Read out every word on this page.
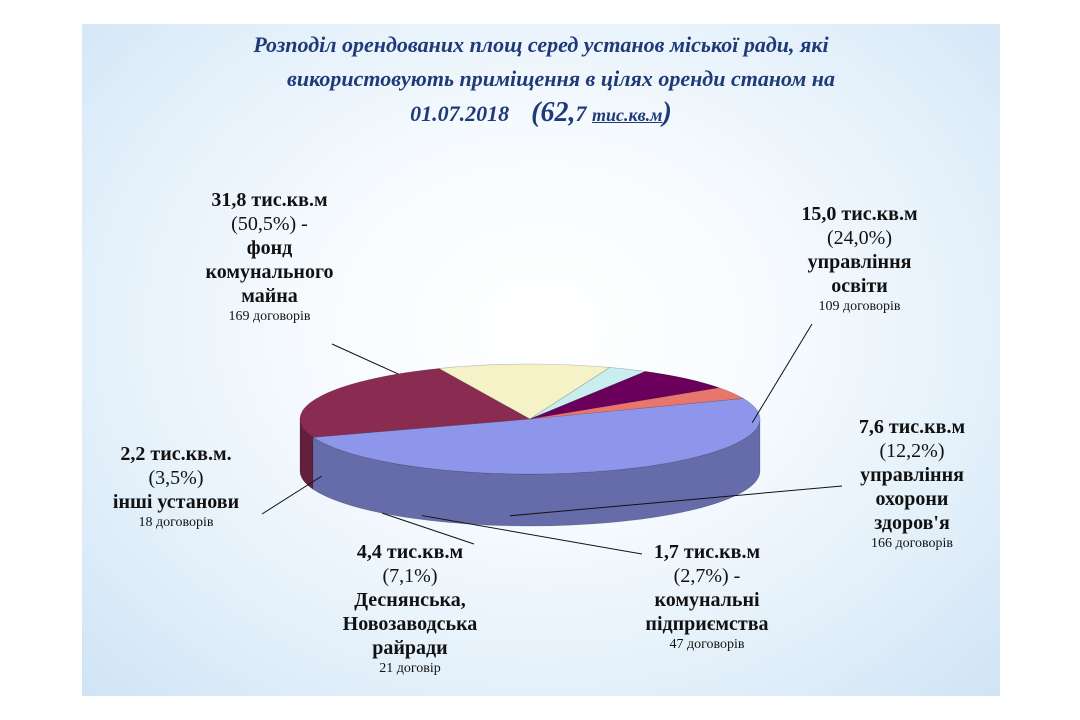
Розподіл орендованих площ серед установ міської ради, які
використовують приміщення в цілях оренди станом на
01.07.2018 (62,7 тис.кв.м)
31,8 тис.кв.м
(50,5%) -
фонд
комунального
майна
169 договорів
15,0 тис.кв.м
(24,0%)
управління
освіти
109 договорів
7,6 тис.кв.м
(12,2%)
управління
охорони
здоров'я
166 договорів
1,7 тис.кв.м
(2,7%) -
комунальні
підприємства
47 договорів
4,4 тис.кв.м
(7,1%)
Деснянська,
Новозаводська
райради
21 договір
2,2 тис.кв.м.
(3,5%)
інші установи
18 договорів
